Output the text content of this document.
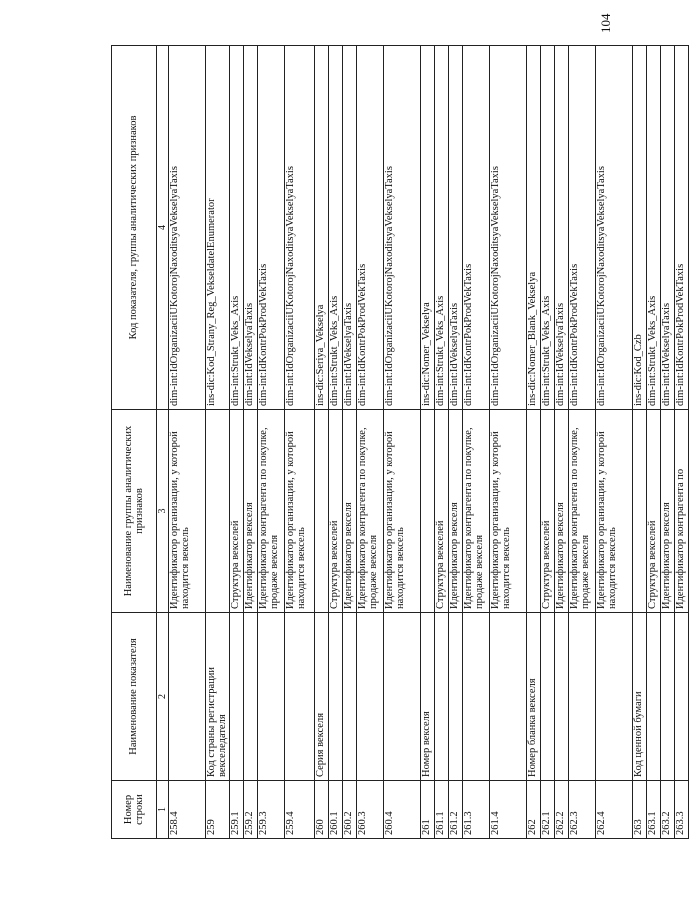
104
Номер строки	Наименование показателя	Наименование группы аналитических признаков	Код показателя, группы аналитических признаков
1	2	3	4
258.4		Идентификатор организации, у которой находится вексель	dim-int:IdOrganizaciiUKotorojNaxoditsyaVekselyaTaxis
259	Код страны регистрации векселедателя		ins-dic:Kod_Strany_Reg_VekseldatelEnumerator
259.1		Структура векселей	dim-int:Strukt_Veks_Axis
259.2		Идентификатор векселя	dim-int:IdVekselyaTaxis
259.3		Идентификатор контрагента по покупке, продаже векселя	dim-int:IdKontrPokProdVekTaxis
259.4		Идентификатор организации, у которой находится вексель	dim-int:IdOrganizaciiUKotorojNaxoditsyaVekselyaTaxis
260	Серия векселя		ins-dic:Seriya_Vekselya
260.1		Структура векселей	dim-int:Strukt_Veks_Axis
260.2		Идентификатор векселя	dim-int:IdVekselyaTaxis
260.3		Идентификатор контрагента по покупке, продаже векселя	dim-int:IdKontrPokProdVekTaxis
260.4		Идентификатор организации, у которой находится вексель	dim-int:IdOrganizaciiUKotorojNaxoditsyaVekselyaTaxis
261	Номер векселя		ins-dic:Nomer_Vekselya
261.1		Структура векселей	dim-int:Strukt_Veks_Axis
261.2		Идентификатор векселя	dim-int:IdVekselyaTaxis
261.3		Идентификатор контрагента по покупке, продаже векселя	dim-int:IdKontrPokProdVekTaxis
261.4		Идентификатор организации, у которой находится вексель	dim-int:IdOrganizaciiUKotorojNaxoditsyaVekselyaTaxis
262	Номер бланка векселя		ins-dic:Nomer_Blank_Vekselya
262.1		Структура векселей	dim-int:Strukt_Veks_Axis
262.2		Идентификатор векселя	dim-int:IdVekselyaTaxis
262.3		Идентификатор контрагента по покупке, продаже векселя	dim-int:IdKontrPokProdVekTaxis
262.4		Идентификатор организации, у которой находится вексель	dim-int:IdOrganizaciiUKotorojNaxoditsyaVekselyaTaxis
263	Код ценной бумаги		ins-dic:Kod_Czb
263.1		Структура векселей	dim-int:Strukt_Veks_Axis
263.2		Идентификатор векселя	dim-int:IdVekselyaTaxis
263.3		Идентификатор контрагента по	dim-int:IdKontrPokProdVekTaxis
